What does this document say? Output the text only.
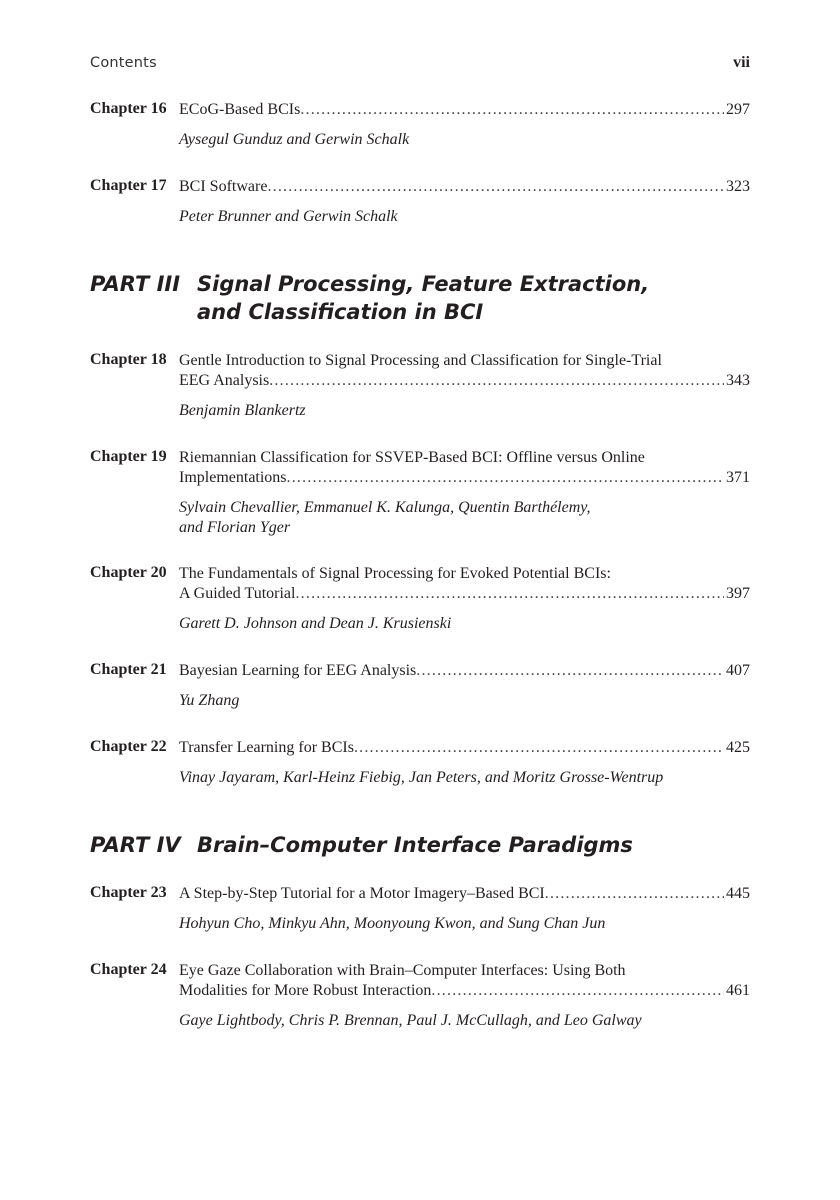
Contents	vii
Chapter 16 ECoG-Based BCIs .....	297
Aysegul Gunduz and Gerwin Schalk
Chapter 17 BCI Software .....	323
Peter Brunner and Gerwin Schalk
PART III Signal Processing, Feature Extraction,
and Classification in BCI
Chapter 18 Gentle Introduction to Signal Processing and Classification for Single-Trial
EEG Analysis .....	343
Benjamin Blankertz
Chapter 19 Riemannian Classification for SSVEP-Based BCI: Offline versus Online
Implementations .....	371
Sylvain Chevallier, Emmanuel K. Kalunga, Quentin Barthélemy,
and Florian Yger
Chapter 20 The Fundamentals of Signal Processing for Evoked Potential BCIs:
A Guided Tutorial .....	397
Garett D. Johnson and Dean J. Krusienski
Chapter 21 Bayesian Learning for EEG Analysis .....	407
Yu Zhang
Chapter 22 Transfer Learning for BCIs .....	425
Vinay Jayaram, Karl-Heinz Fiebig, Jan Peters, and Moritz Grosse-Wentrup
PART IV Brain–Computer Interface Paradigms
Chapter 23 A Step-by-Step Tutorial for a Motor Imagery–Based BCI .....	445
Hohyun Cho, Minkyu Ahn, Moonyoung Kwon, and Sung Chan Jun
Chapter 24 Eye Gaze Collaboration with Brain–Computer Interfaces: Using Both
Modalities for More Robust Interaction .....	461
Gaye Lightbody, Chris P. Brennan, Paul J. McCullagh, and Leo Galway
